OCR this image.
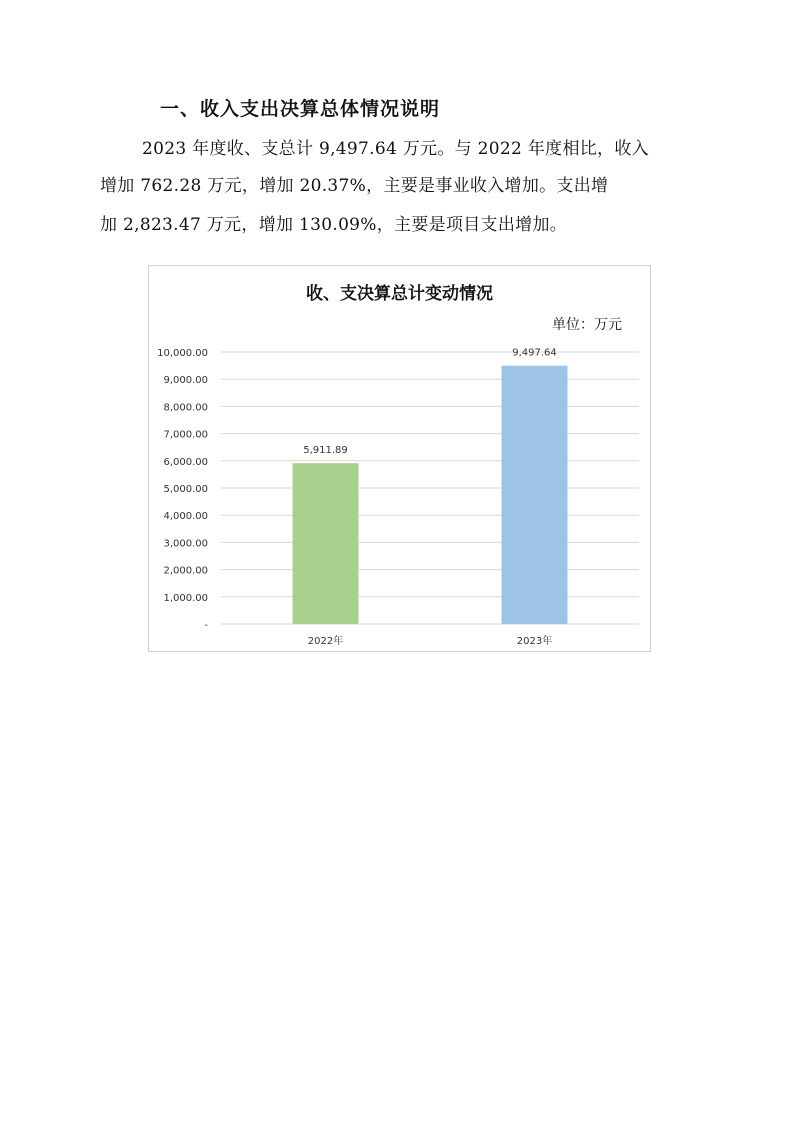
一、收入支出决算总体情况说明
2023 年度收、支总计 9,497.64 万元。与 2022 年度相比，收入
增加 762.28 万元，增加 20.37%，主要是事业收入增加。支出增
加 2,823.47 万元，增加 130.09%，主要是项目支出增加。
收、支决算总计变动情况
单位：万元
-
1,000.00
2,000.00
3,000.00
4,000.00
5,000.00
6,000.00
7,000.00
8,000.00
9,000.00
10,000.00
5,911.89
2022年
9,497.64
2023年
